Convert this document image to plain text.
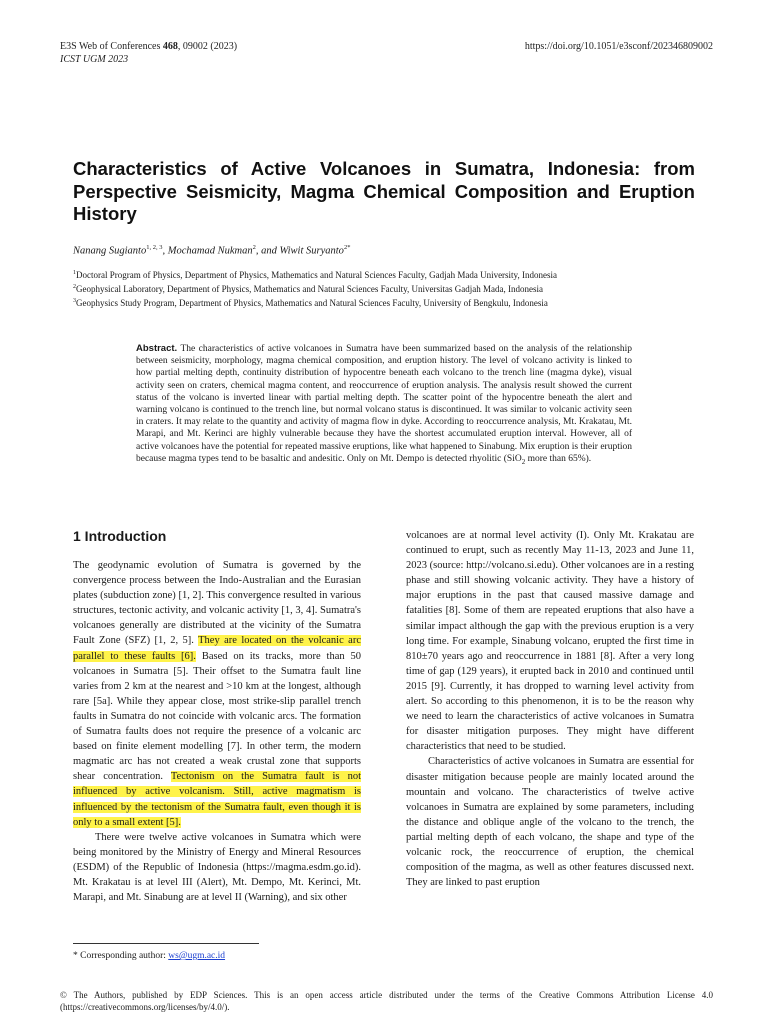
E3S Web of Conferences 468, 09002 (2023)
ICST UGM 2023
https://doi.org/10.1051/e3sconf/202346809002
Characteristics of Active Volcanoes in Sumatra, Indonesia: from Perspective Seismicity, Magma Chemical Composition and Eruption History
Nanang Sugianto$^{1, 2, 3}$, Mochamad Nukman$^2$, and Wiwit Suryanto$^{2*}$
$^1$Doctoral Program of Physics, Department of Physics, Mathematics and Natural Sciences Faculty, Gadjah Mada University, Indonesia
$^2$Geophysical Laboratory, Department of Physics, Mathematics and Natural Sciences Faculty, Universitas Gadjah Mada, Indonesia
$^3$Geophysics Study Program, Department of Physics, Mathematics and Natural Sciences Faculty, University of Bengkulu, Indonesia
Abstract. The characteristics of active volcanoes in Sumatra have been summarized based on the analysis of the relationship between seismicity, morphology, magma chemical composition, and eruption history. The level of volcano activity is linked to how partial melting depth, continuity distribution of hypocentre beneath each volcano to the trench line (magma dyke), visual activity seen on craters, chemical magma content, and reoccurrence of eruption analysis. The analysis result showed the current status of the volcano is inverted linear with partial melting depth. The scatter point of the hypocentre beneath the alert and warning volcano is continued to the trench line, but normal volcano status is discontinued. It was similar to volcanic activity seen in craters. It may relate to the quantity and activity of magma flow in dyke. According to reoccurrence analysis, Mt. Krakatau, Mt. Marapi, and Mt. Kerinci are highly vulnerable because they have the shortest accumulated eruption interval. However, all of active volcanoes have the potential for repeated massive eruptions, like what happened to Sinabung. Mix eruption is their eruption because magma types tend to be basaltic and andesitic. Only on Mt. Dempo is detected rhyolitic (SiO$_2$ more than 65%).
1 Introduction

The geodynamic evolution of Sumatra is governed by the convergence process between the Indo-Australian and the Eurasian plates (subduction zone) [1, 2]. This convergence resulted in various structures, tectonic activity, and volcanic activity [1, 3, 4]. Sumatra's volcanoes generally are distributed at the vicinity of the Sumatra Fault Zone (SFZ) [1, 2, 5]. They are located on the volcanic arc parallel to these faults [6]. Based on its tracks, more than 50 volcanoes in Sumatra [5]. Their offset to the Sumatra fault line varies from 2 km at the nearest and >10 km at the longest, although rare [5a]. While they appear close, most strike-slip parallel trench faults in Sumatra do not coincide with volcanic arcs. The formation of Sumatra faults does not require the presence of a volcanic arc based on finite element modelling [7]. In other term, the modern magmatic arc has not created a weak crustal zone that supports shear concentration. Tectonism on the Sumatra fault is not influenced by active volcanism. Still, active magmatism is influenced by the tectonism of the Sumatra fault, even though it is only to a small extent [5].

There were twelve active volcanoes in Sumatra which were being monitored by the Ministry of Energy and Mineral Resources (ESDM) of the Republic of Indonesia (https://magma.esdm.go.id). Mt. Krakatau is at level III (Alert), Mt. Dempo, Mt. Kerinci, Mt. Marapi, and Mt. Sinabung are at level II (Warning), and six other

volcanoes are at normal level activity (I). Only Mt. Krakatau are continued to erupt, such as recently May 11-13, 2023 and June 11, 2023 (source: http://volcano.si.edu). Other volcanoes are in a resting phase and still showing volcanic activity. They have a history of major eruptions in the past that caused massive damage and fatalities [8]. Some of them are repeated eruptions that also have a similar impact although the gap with the previous eruption is a very long time. For example, Sinabung volcano, erupted the first time in 810±70 years ago and reoccurrence in 1881 [8]. After a very long time of gap (129 years), it erupted back in 2010 and continued until 2015 [9]. Currently, it has dropped to warning level activity from alert. So according to this phenomenon, it is to be the reason why we need to learn the characteristics of active volcanoes in Sumatra for disaster mitigation purposes. They might have different characteristics that need to be studied.

Characteristics of active volcanoes in Sumatra are essential for disaster mitigation because people are mainly located around the mountain and volcano. The characteristics of twelve active volcanoes in Sumatra are explained by some parameters, including the distance and oblique angle of the volcano to the trench, the partial melting depth of each volcano, the shape and type of the volcanic rock, the reoccurrence of eruption, the chemical composition of the magma, as well as other features discussed next. They are linked to past eruption

* Corresponding author: ws@ugm.ac.id
© The Authors, published by EDP Sciences. This is an open access article distributed under the terms of the Creative Commons Attribution License 4.0 (https://creativecommons.org/licenses/by/4.0/).
